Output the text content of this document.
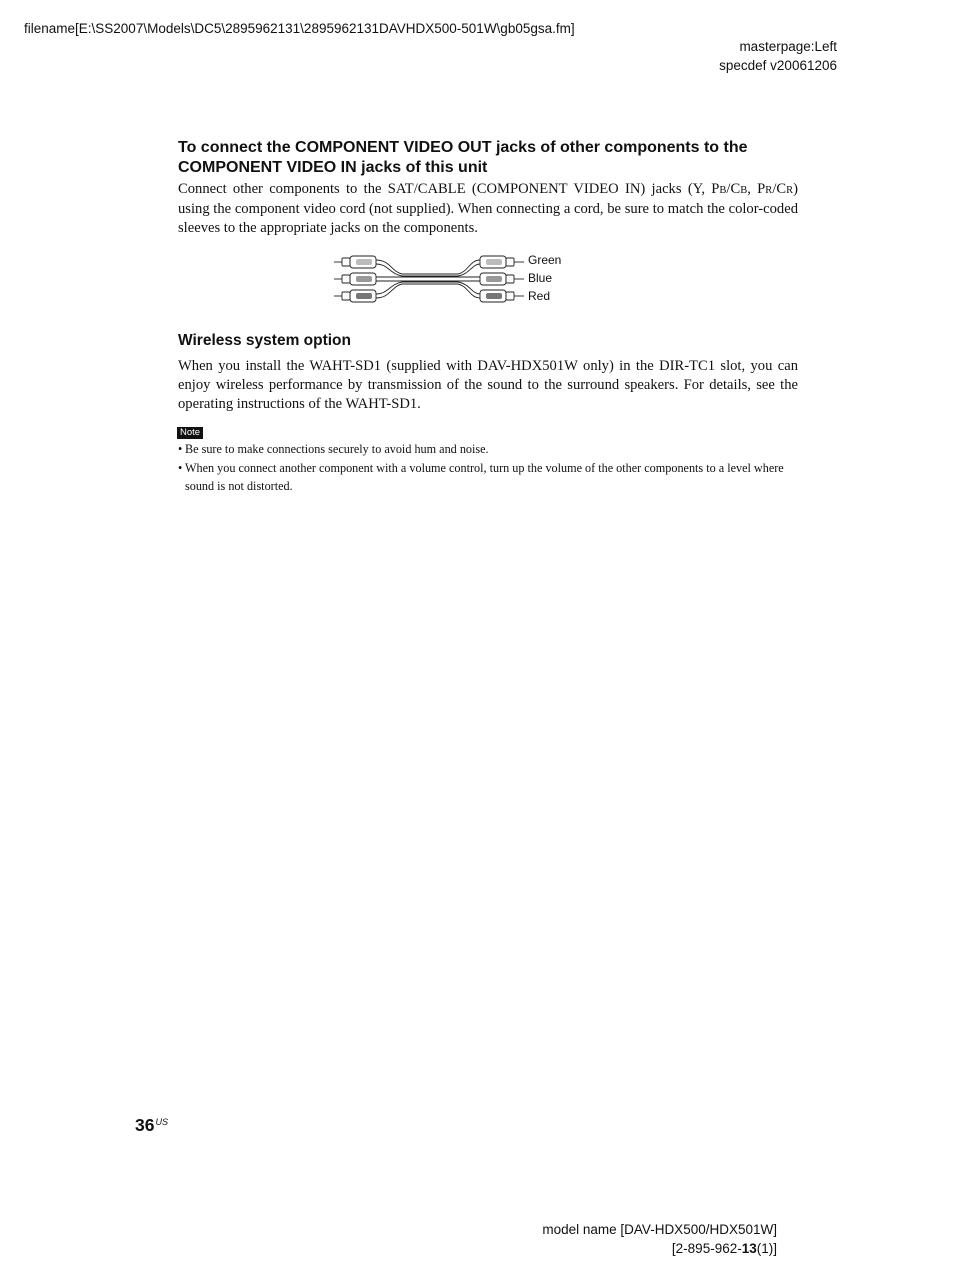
filename[E:\SS2007\Models\DC5\2895962131\2895962131DAVHDX500-501W\gb05gsa.fm]
masterpage:Left
specdef v20061206
To connect the COMPONENT VIDEO OUT jacks of other components to the COMPONENT VIDEO IN jacks of this unit
Connect other components to the SAT/CABLE (COMPONENT VIDEO IN) jacks (Y, PB/CB, PR/CR) using the component video cord (not supplied). When connecting a cord, be sure to match the color-coded sleeves to the appropriate jacks on the components.
Green
Blue
Red
Wireless system option
When you install the WAHT-SD1 (supplied with DAV-HDX501W only) in the DIR-TC1 slot, you can enjoy wireless performance by transmission of the sound to the surround speakers. For details, see the operating instructions of the WAHT-SD1.
Note
• Be sure to make connections securely to avoid hum and noise.
• When you connect another component with a volume control, turn up the volume of the other components to a level where sound is not distorted.
$36^{US}$
model name [DAV-HDX500/HDX501W]
[2-895-962-13(1)]
